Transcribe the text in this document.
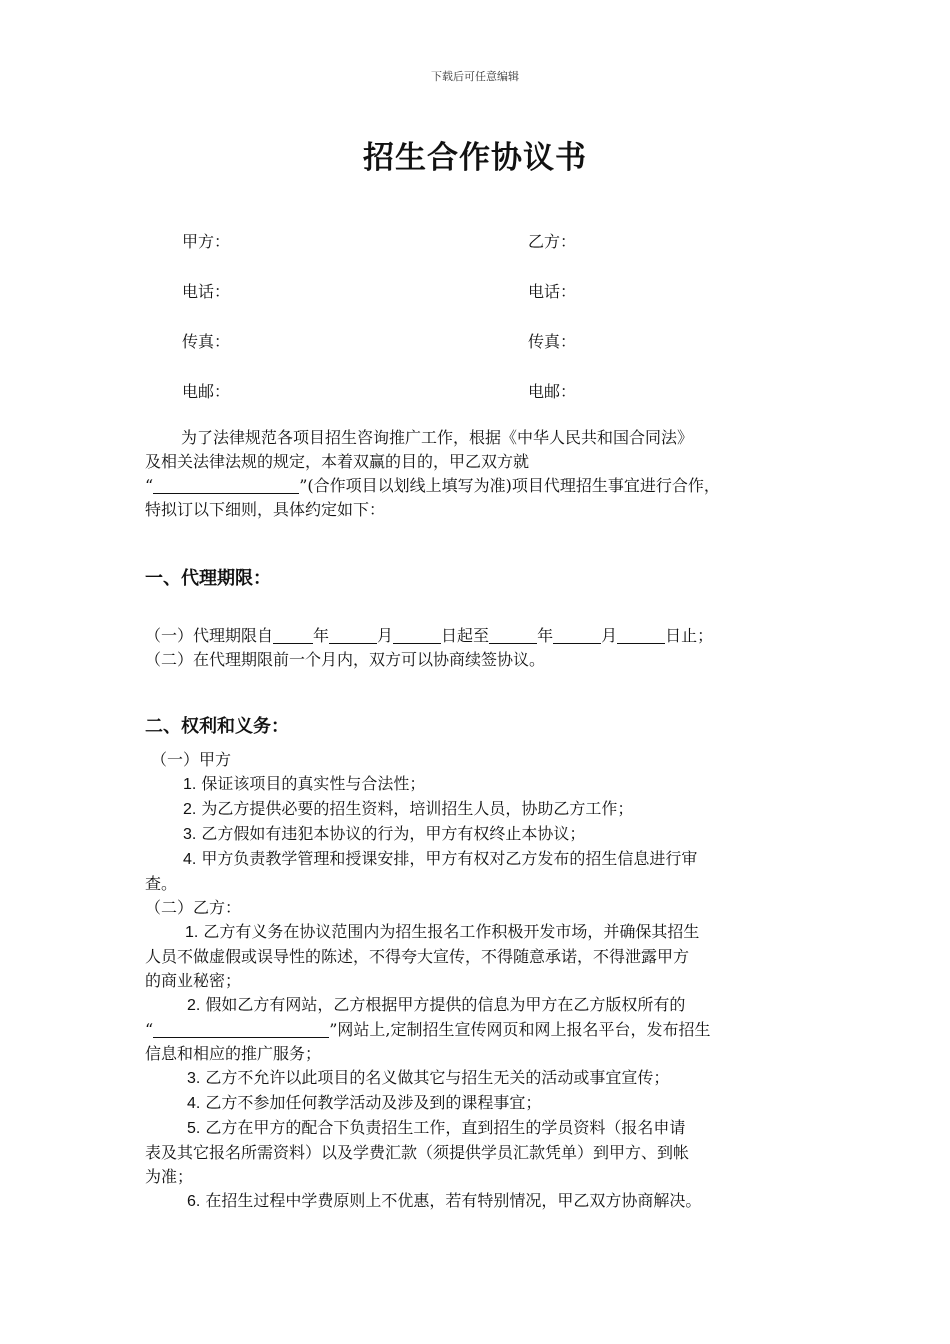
下载后可任意编辑
招生合作协议书
甲方：	乙方：
电话：	电话：
传真：	传真：
电邮：	电邮：
为了法律规范各项目招生咨询推广工作，根据《中华人民共和国合同法》
及相关法律法规的规定，本着双赢的目的，甲乙双方就
“	”(合作项目以划线上填写为准)项目代理招生事宜进行合作，
特拟订以下细则，具体约定如下：
一、代理期限：
（一）代理期限自	年	月	日起至	年	月	日止；
（二）在代理期限前一个月内，双方可以协商续签协议。
二、权利和义务：
（一）甲方
1. 保证该项目的真实性与合法性；
2. 为乙方提供必要的招生资料，培训招生人员，协助乙方工作；
3. 乙方假如有违犯本协议的行为，甲方有权终止本协议；
4. 甲方负责教学管理和授课安排，甲方有权对乙方发布的招生信息进行审
查。
（二）乙方：
1. 乙方有义务在协议范围内为招生报名工作积极开发市场，并确保其招生
人员不做虚假或误导性的陈述，不得夸大宣传，不得随意承诺，不得泄露甲方
的商业秘密；
2. 假如乙方有网站，乙方根据甲方提供的信息为甲方在乙方版权所有的
“	”网站上,定制招生宣传网页和网上报名平台，发布招生
信息和相应的推广服务；
3. 乙方不允许以此项目的名义做其它与招生无关的活动或事宜宣传；
4. 乙方不参加任何教学活动及涉及到的课程事宜；
5. 乙方在甲方的配合下负责招生工作，直到招生的学员资料（报名申请
表及其它报名所需资料）以及学费汇款（须提供学员汇款凭单）到甲方、到帐
为准；
6. 在招生过程中学费原则上不优惠，若有特别情况，甲乙双方协商解决。
